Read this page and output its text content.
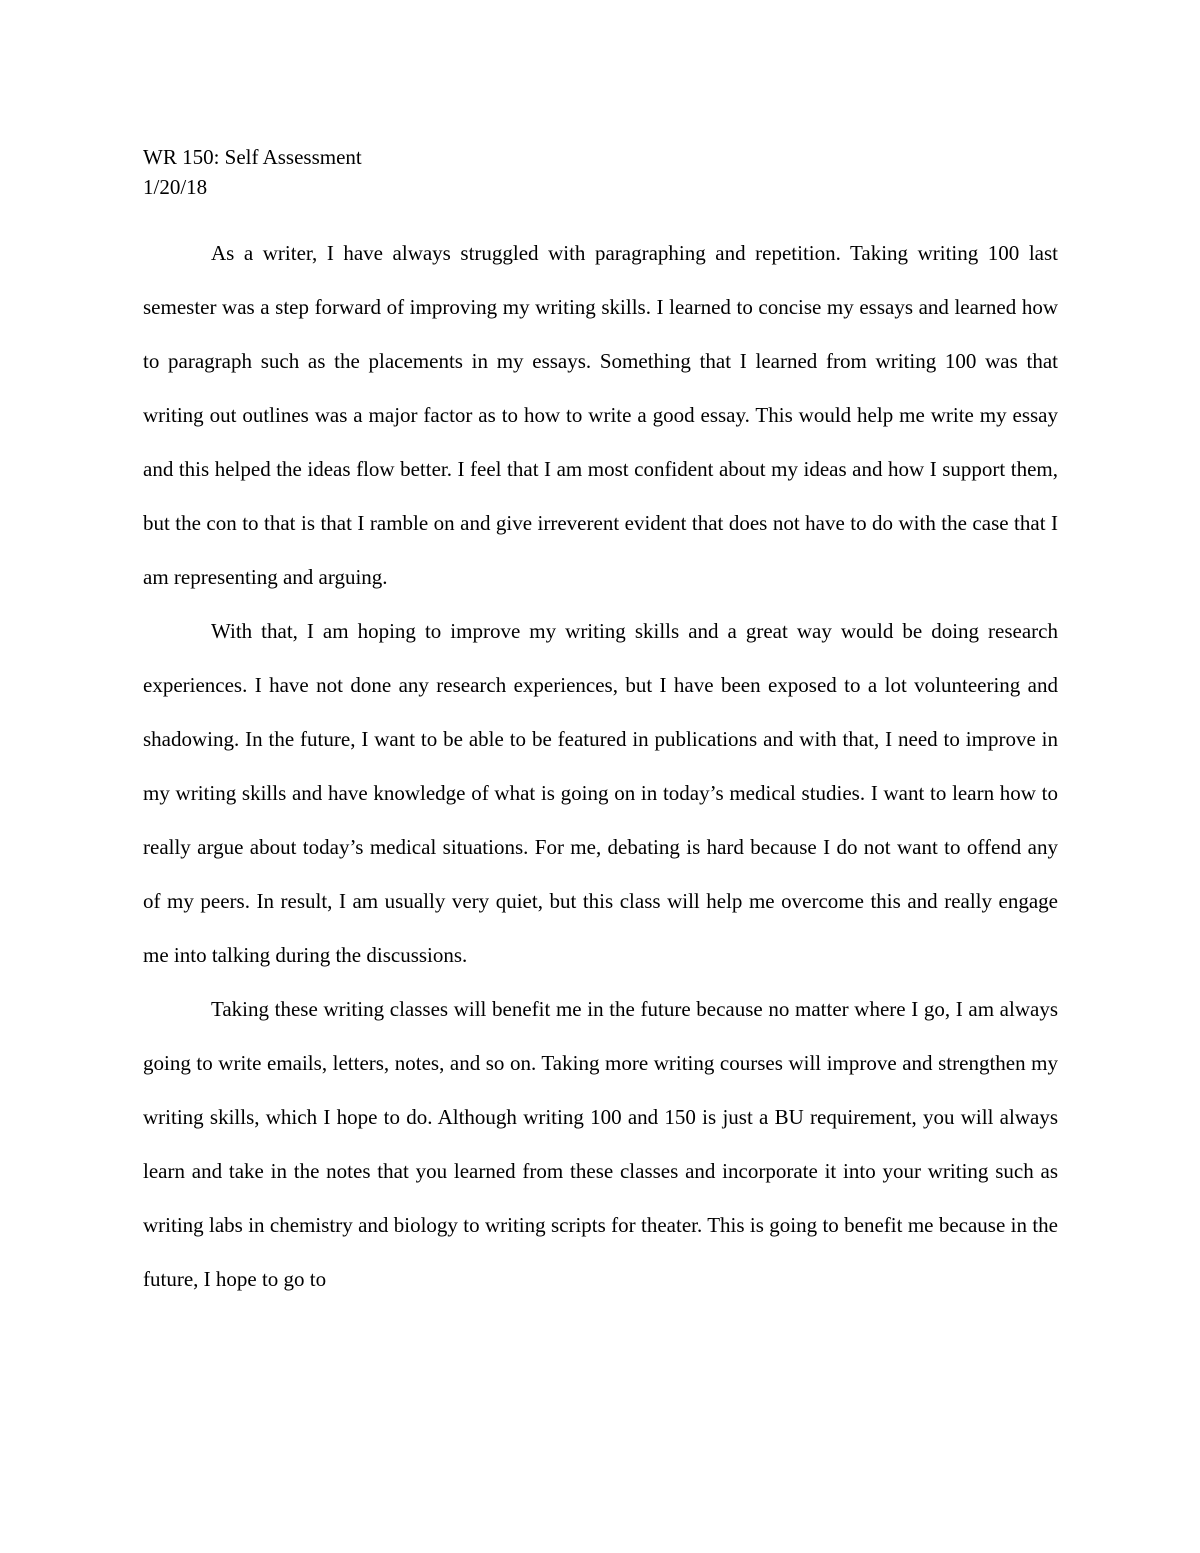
WR 150: Self Assessment

1/20/18

As a writer, I have always struggled with paragraphing and repetition. Taking writing 100 last semester was a step forward of improving my writing skills. I learned to concise my essays and learned how to paragraph such as the placements in my essays. Something that I learned from writing 100 was that writing out outlines was a major factor as to how to write a good essay. This would help me write my essay and this helped the ideas flow better. I feel that I am most confident about my ideas and how I support them, but the con to that is that I ramble on and give irreverent evident that does not have to do with the case that I am representing and arguing.

With that, I am hoping to improve my writing skills and a great way would be doing research experiences. I have not done any research experiences, but I have been exposed to a lot volunteering and shadowing. In the future, I want to be able to be featured in publications and with that, I need to improve in my writing skills and have knowledge of what is going on in today’s medical studies. I want to learn how to really argue about today’s medical situations. For me, debating is hard because I do not want to offend any of my peers. In result, I am usually very quiet, but this class will help me overcome this and really engage me into talking during the discussions.

Taking these writing classes will benefit me in the future because no matter where I go, I am always going to write emails, letters, notes, and so on. Taking more writing courses will improve and strengthen my writing skills, which I hope to do. Although writing 100 and 150 is just a BU requirement, you will always learn and take in the notes that you learned from these classes and incorporate it into your writing such as writing labs in chemistry and biology to writing scripts for theater. This is going to benefit me because in the future, I hope to go to
